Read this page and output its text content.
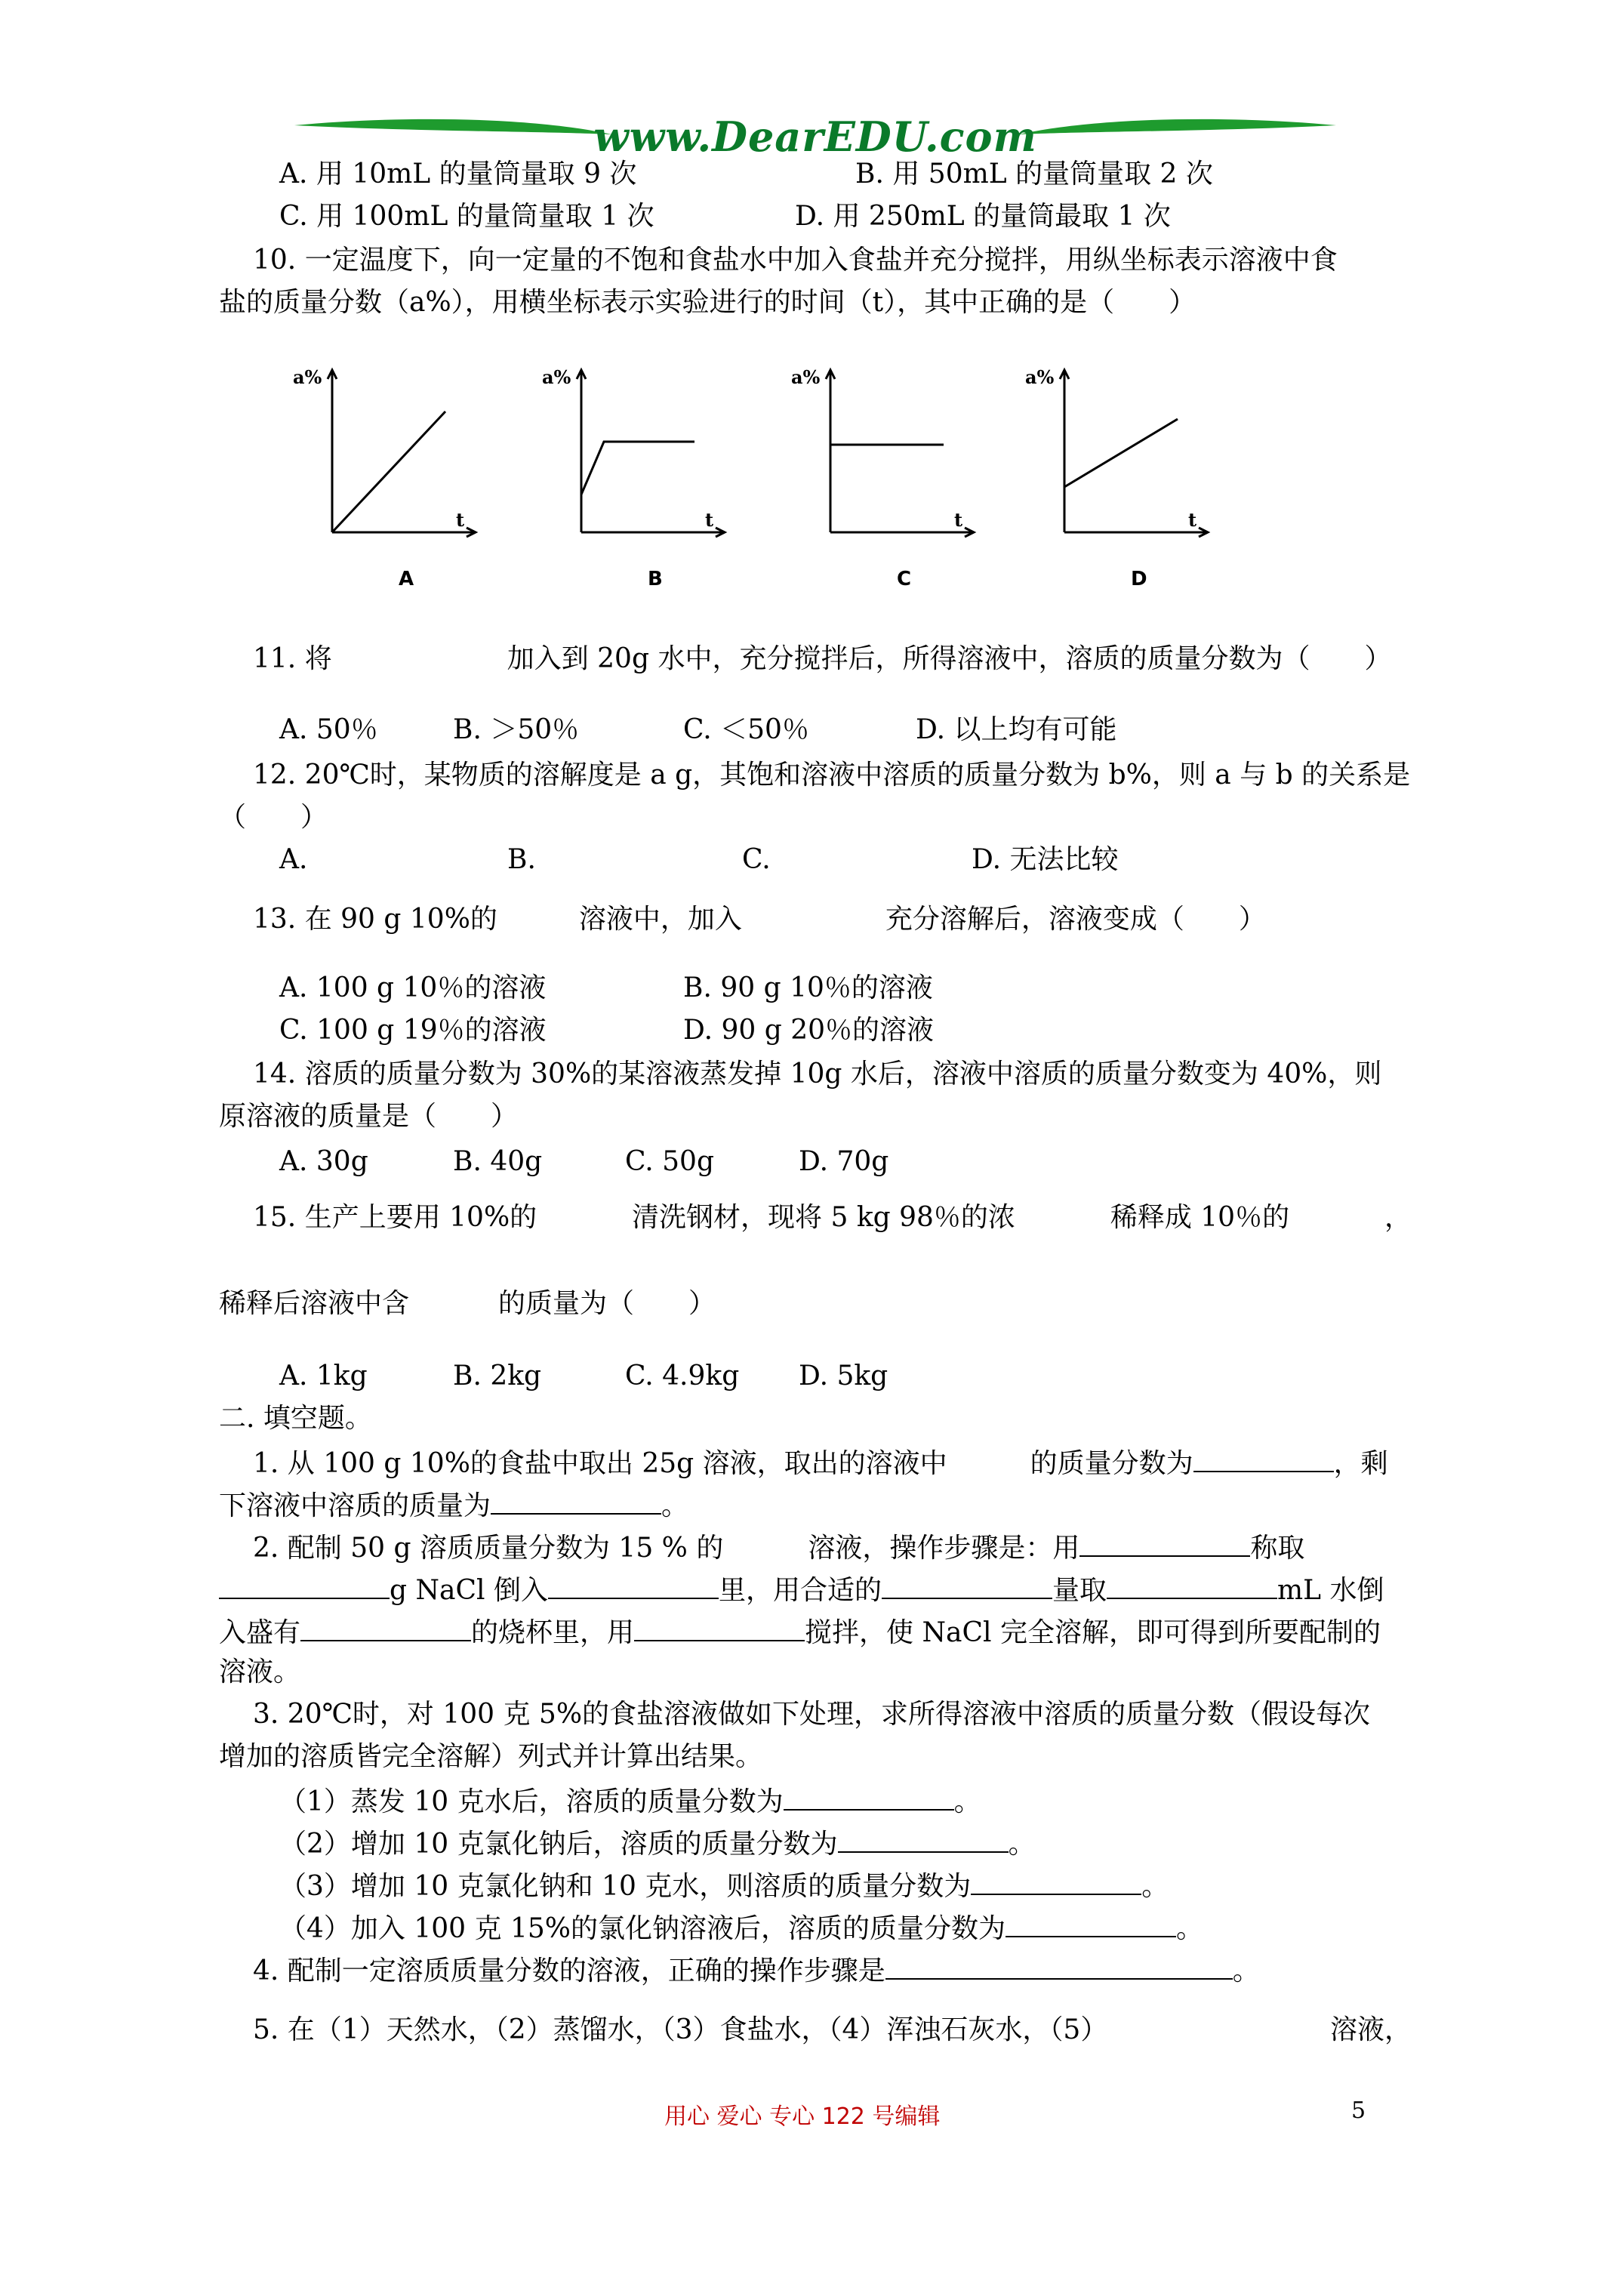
www.DearEDU.com
A. 用 10mL 的量筒量取 9 次	B. 用 50mL 的量筒量取 2 次
C. 用 100mL 的量筒量取 1 次	D. 用 250mL 的量筒最取 1 次
10. 一定温度下，向一定量的不饱和食盐水中加入食盐并充分搅拌，用纵坐标表示溶液中食
盐的质量分数（a%），用横坐标表示实验进行的时间（t），其中正确的是（　　）
a%
t
A
a%
t
B
a%
t
C
a%
t
D
11. 将	加入到 20g 水中，充分搅拌后，所得溶液中，溶质的质量分数为（　　）
A. 50％	B. ＞50％	C. ＜50％	D. 以上均有可能
12. 20℃时，某物质的溶解度是 a g，其饱和溶液中溶质的质量分数为 b%，则 a 与 b 的关系是
（　　）
A.	B.	C.	D. 无法比较
13. 在 90 g 10%的	溶液中，加入	充分溶解后，溶液变成（　　）
A. 100 g 10％的溶液	B. 90 g 10％的溶液
C. 100 g 19％的溶液	D. 90 g 20％的溶液
14. 溶质的质量分数为 30%的某溶液蒸发掉 10g 水后，溶液中溶质的质量分数变为 40%，则
原溶液的质量是（　　）
A. 30g	B. 40g	C. 50g	D. 70g
15. 生产上要用 10%的	清洗钢材，现将 5 kg 98％的浓	稀释成 10％的	，
稀释后溶液中含	的质量为（　　）
A. 1kg	B. 2kg	C. 4.9kg D. 5kg
二. 填空题。
1. 从 100 g 10%的食盐中取出 25g 溶液，取出的溶液中	的质量分数为	，剩
下溶液中溶质的质量为	。
2. 配制 50 g 溶质质量分数为 15 % 的	溶液，操作步骤是：用	称取
g NaCl 倒入	里，用合适的	量取	mL 水倒
入盛有	的烧杯里，用	搅拌，使 NaCl 完全溶解，即可得到所要配制的
溶液。
3. 20℃时，对 100 克 5%的食盐溶液做如下处理，求所得溶液中溶质的质量分数（假设每次
增加的溶质皆完全溶解）列式并计算出结果。
（1）蒸发 10 克水后，溶质的质量分数为	。
（2）增加 10 克氯化钠后，溶质的质量分数为	。
（3）增加 10 克氯化钠和 10 克水，则溶质的质量分数为	。
（4）加入 100 克 15%的氯化钠溶液后，溶质的质量分数为	。
4. 配制一定溶质质量分数的溶液，正确的操作步骤是	。
5. 在（1）天然水，（2）蒸馏水，（3）食盐水，（4）浑浊石灰水，（5）	溶液，
用心 爱心 专心 122 号编辑	5
